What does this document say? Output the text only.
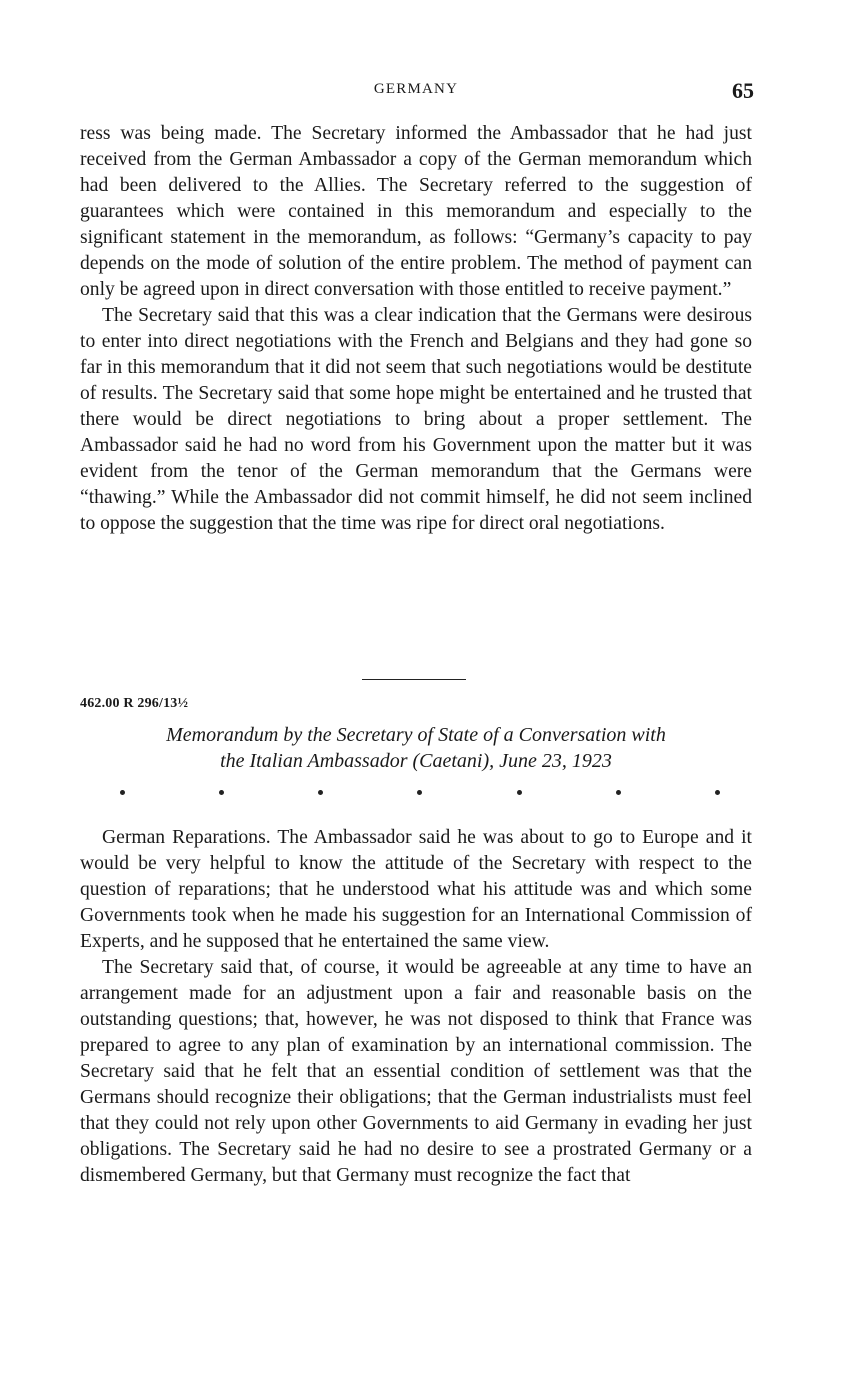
GERMANY	65

ress was being made. The Secretary informed the Ambassador that he had just received from the German Ambassador a copy of the German memorandum which had been delivered to the Allies. The Secretary referred to the suggestion of guarantees which were contained in this memorandum and especially to the significant statement in the memorandum, as follows: “Germany’s capacity to pay depends on the mode of solution of the entire problem. The method of payment can only be agreed upon in direct conversation with those entitled to receive payment.”

The Secretary said that this was a clear indication that the Germans were desirous to enter into direct negotiations with the French and Belgians and they had gone so far in this memorandum that it did not seem that such negotiations would be destitute of results. The Secretary said that some hope might be entertained and he trusted that there would be direct negotiations to bring about a proper settlement. The Ambassador said he had no word from his Government upon the matter but it was evident from the tenor of the German memorandum that the Germans were “thawing.” While the Ambassador did not commit himself, he did not seem inclined to oppose the suggestion that the time was ripe for direct oral negotiations.

462.00 R 296/13½
Memorandum by the Secretary of State of a Conversation with
the Italian Ambassador (Caetani), June 23, 1923

German Reparations. The Ambassador said he was about to go to Europe and it would be very helpful to know the attitude of the Secretary with respect to the question of reparations; that he understood what his attitude was and which some Governments took when he made his suggestion for an International Commission of Experts, and he supposed that he entertained the same view.

The Secretary said that, of course, it would be agreeable at any time to have an arrangement made for an adjustment upon a fair and reasonable basis on the outstanding questions; that, however, he was not disposed to think that France was prepared to agree to any plan of examination by an international commission. The Secretary said that he felt that an essential condition of settlement was that the Germans should recognize their obligations; that the German industrialists must feel that they could not rely upon other Governments to aid Germany in evading her just obligations. The Secretary said he had no desire to see a prostrated Germany or a dismembered Germany, but that Germany must recognize the fact that
